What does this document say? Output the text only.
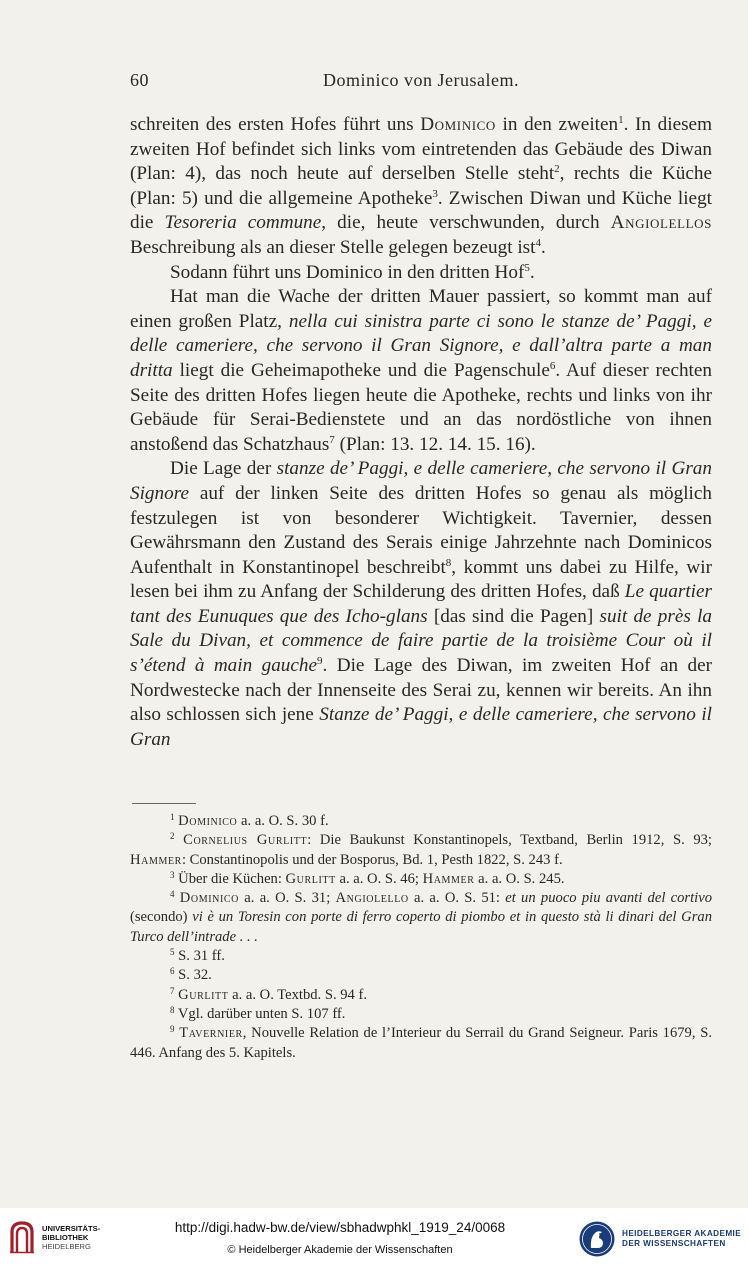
60	Dominico von Jerusalem.

schreiten des ersten Hofes führt uns Dominico in den zweiten$^1$. In diesem zweiten Hof befindet sich links vom eintretenden das Gebäude des Diwan (Plan: 4), das noch heute auf derselben Stelle steht$^2$, rechts die Küche (Plan: 5) und die allgemeine Apotheke$^3$. Zwischen Diwan und Küche liegt die Tesoreria commune, die, heute verschwunden, durch Angiolellos Beschreibung als an dieser Stelle gelegen bezeugt ist$^4$.

Sodann führt uns Dominico in den dritten Hof$^5$.

Hat man die Wache der dritten Mauer passiert, so kommt man auf einen großen Platz, nella cui sinistra parte ci sono le stanze de’ Paggi, e delle cameriere, che servono il Gran Signore, e dall’altra parte a man dritta liegt die Geheimapotheke und die Pagenschule$^6$. Auf dieser rechten Seite des dritten Hofes liegen heute die Apotheke, rechts und links von ihr Gebäude für Serai-Bedienstete und an das nordöstliche von ihnen anstoßend das Schatzhaus$^7$ (Plan: 13. 12. 14. 15. 16).

Die Lage der stanze de’ Paggi, e delle cameriere, che servono il Gran Signore auf der linken Seite des dritten Hofes so genau als möglich festzulegen ist von besonderer Wichtigkeit. Tavernier, dessen Gewährsmann den Zustand des Serais einige Jahrzehnte nach Dominicos Aufenthalt in Konstantinopel beschreibt$^8$, kommt uns dabei zu Hilfe, wir lesen bei ihm zu Anfang der Schilderung des dritten Hofes, daß Le quartier tant des Eunuques que des Icho-glans [das sind die Pagen] suit de près la Sale du Divan, et commence de faire partie de la troisième Cour où il s’étend à main gauche$^9$. Die Lage des Diwan, im zweiten Hof an der Nordwestecke nach der Innenseite des Serai zu, kennen wir bereits. An ihn also schlossen sich jene Stanze de’ Paggi, e delle cameriere, che servono il Gran

$^1$ Dominico a. a. O. S. 30 f.

$^2$ Cornelius Gurlitt: Die Baukunst Konstantinopels, Textband, Berlin 1912, S. 93; Hammer: Constantinopolis und der Bosporus, Bd. 1, Pesth 1822, S. 243 f.

$^3$ Über die Küchen: Gurlitt a. a. O. S. 46; Hammer a. a. O. S. 245.

$^4$ Dominico a. a. O. S. 31; Angiolello a. a. O. S. 51: et un puoco piu avanti del cortivo (secondo) vi è un Toresin con porte di ferro coperto di piombo et in questo stà li dinari del Gran Turco dell’intrade . . .

$^5$ S. 31 ff.

$^6$ S. 32.

$^7$ Gurlitt a. a. O. Textbd. S. 94 f.

$^8$ Vgl. darüber unten S. 107 ff.

$^9$ Tavernier, Nouvelle Relation de l’Interieur du Serrail du Grand Seigneur. Paris 1679, S. 446. Anfang des 5. Kapitels.

UNIVERSITÄTS-
BIBLIOTHEK

HEIDELBERG
http://digi.hadw-bw.de/view/sbhadwphkl_1919_24/0068
© Heidelberger Akademie der Wissenschaften
HEIDELBERGER AKADEMIE
DER WISSENSCHAFTEN
